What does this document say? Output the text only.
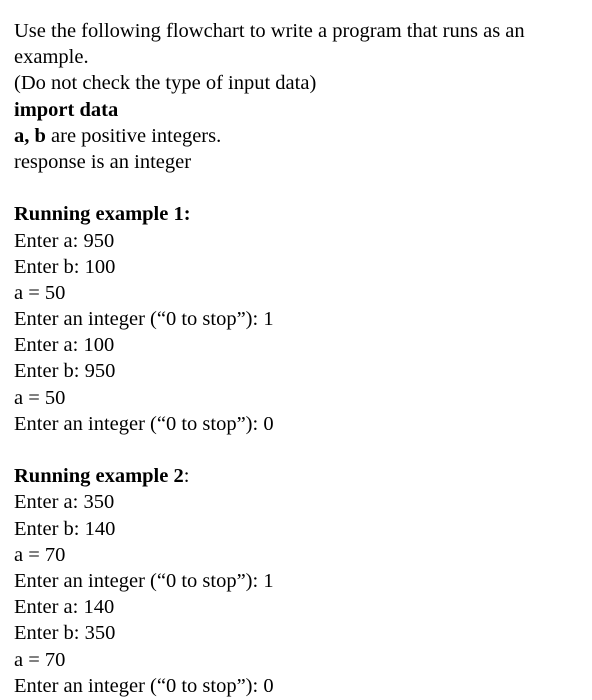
Use the following flowchart to write a program that runs as an example.
(Do not check the type of input data)
import data
a, b are positive integers.
response is an integer
Running example 1:
Enter a: 950
Enter b: 100
a = 50
Enter an integer (“0 to stop”): 1
Enter a: 100
Enter b: 950
a = 50
Enter an integer (“0 to stop”): 0
Running example 2:
Enter a: 350
Enter b: 140
a = 70
Enter an integer (“0 to stop”): 1
Enter a: 140
Enter b: 350
a = 70
Enter an integer (“0 to stop”): 0
